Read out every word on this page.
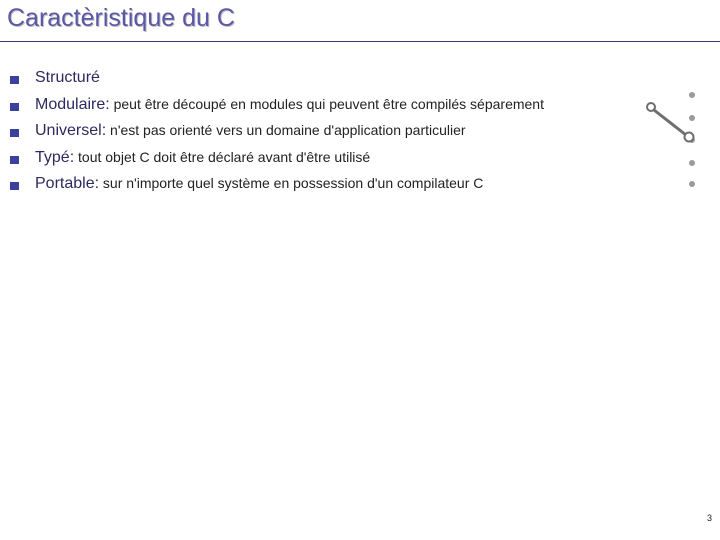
Caractèristique du C
Structuré
Modulaire: peut être découpé en modules qui peuvent être compilés séparement
Universel: n'est pas orienté vers un domaine d'application particulier
Typé: tout objet C doit être déclaré avant d'être utilisé
Portable: sur n'importe quel système en possession d'un compilateur C
3
